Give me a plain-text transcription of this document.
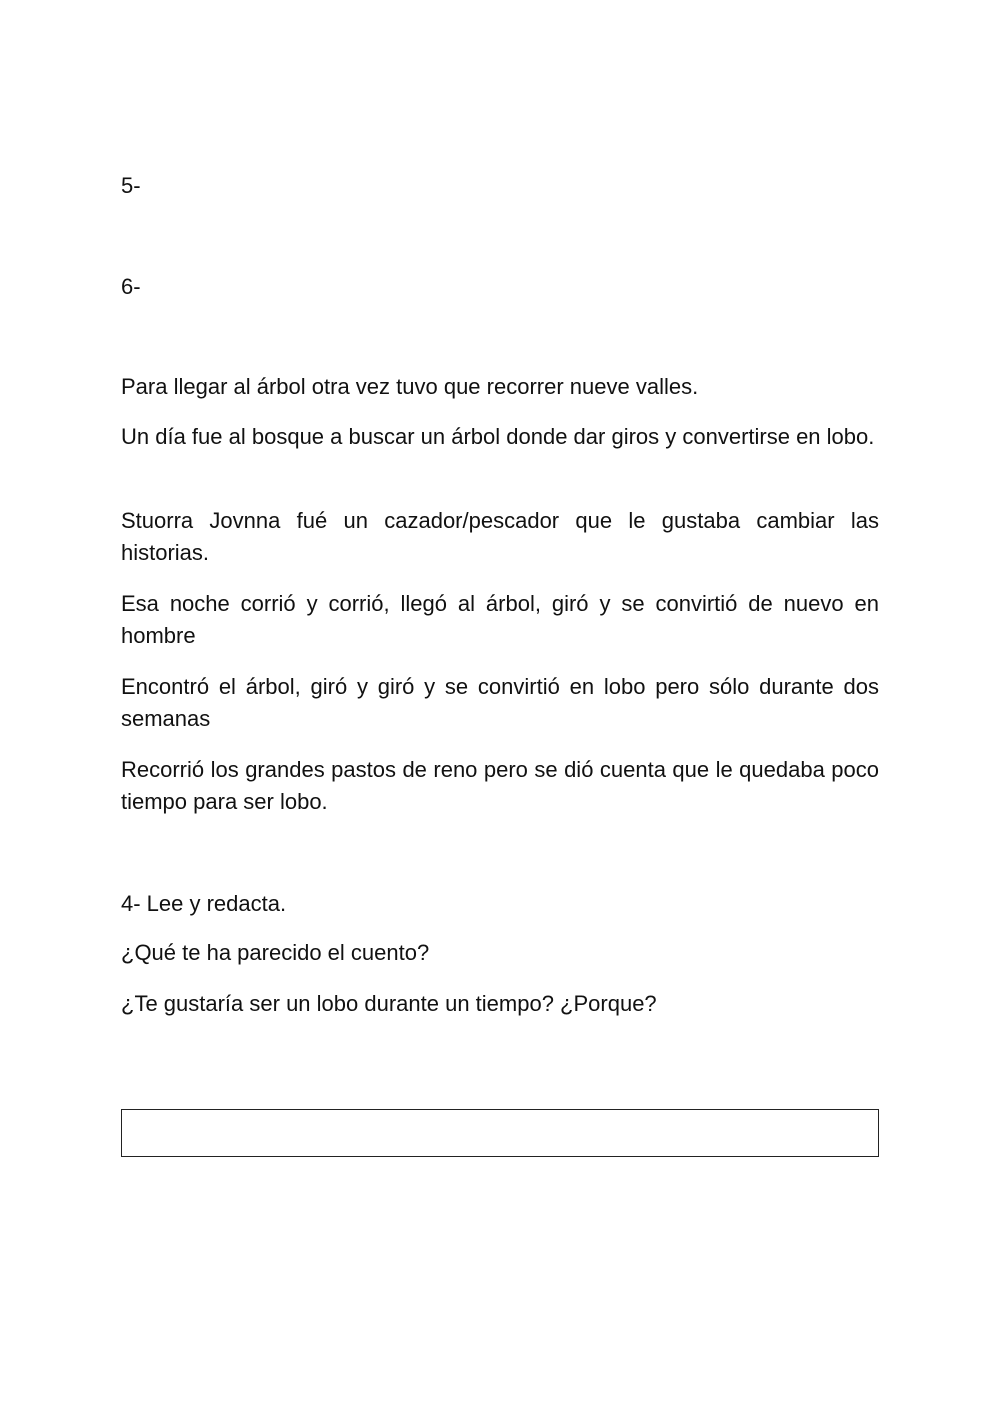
5-
6-
Para llegar al árbol otra vez tuvo que recorrer nueve valles.
Un día fue al bosque a buscar un árbol donde dar giros y convertirse en lobo.
Stuorra Jovnna fué un cazador/pescador que le gustaba cambiar las historias.
Esa noche corrió y corrió, llegó al árbol, giró y se convirtió de nuevo en hombre
Encontró el árbol, giró y giró y se convirtió en lobo pero sólo durante dos semanas
Recorrió los grandes pastos de reno pero se dió cuenta que le quedaba poco tiempo para ser lobo.
4- Lee y redacta.
¿Qué te ha parecido el cuento?
¿Te gustaría ser un lobo durante un tiempo? ¿Porque?
